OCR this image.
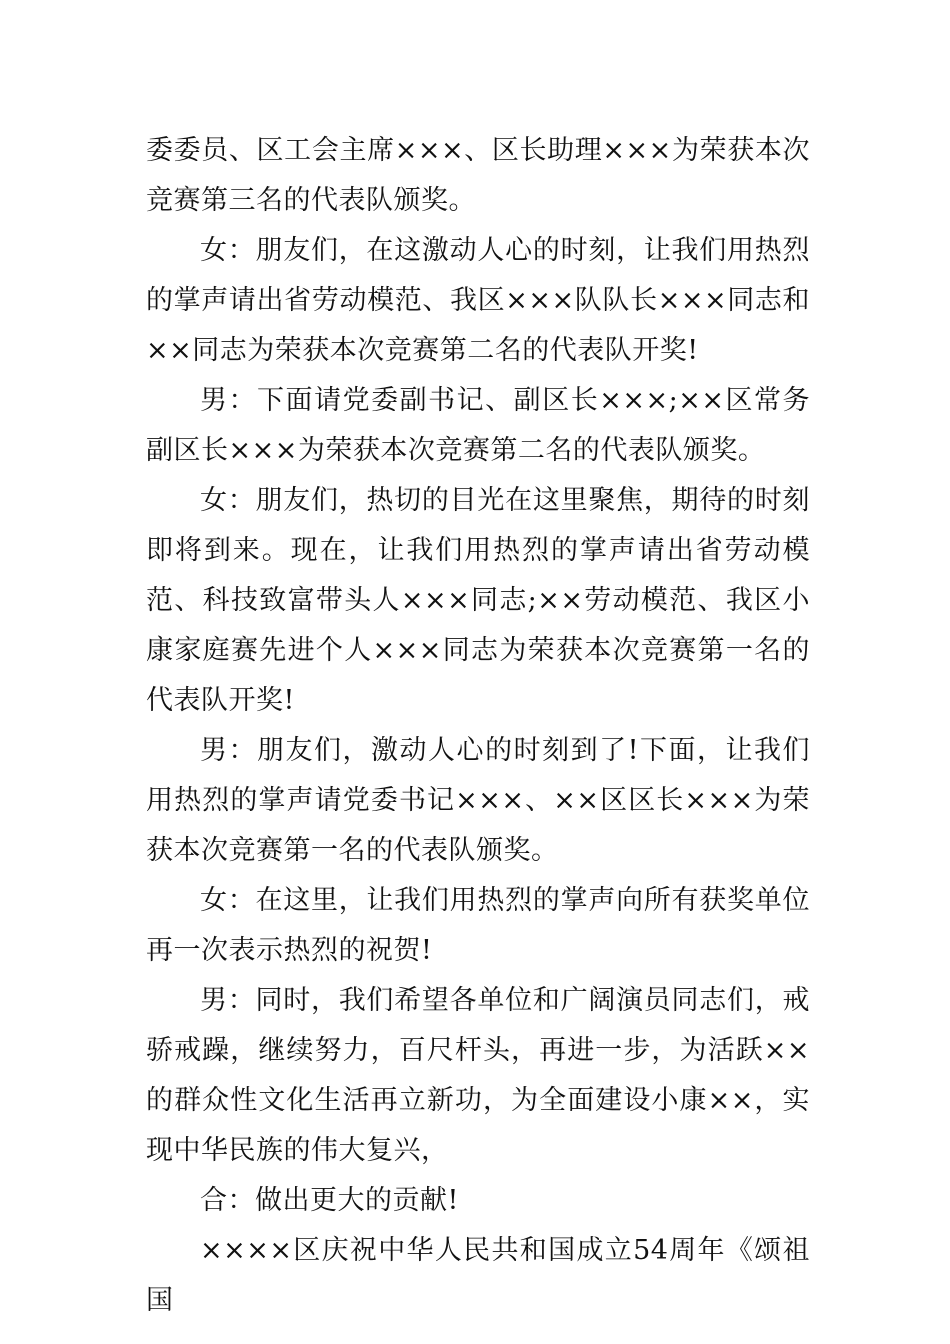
委委员、区工会主席×××、区长助理×××为荣获本次竞赛第三名的代表队颁奖。

女：朋友们，在这激动人心的时刻，让我们用热烈的掌声请出省劳动模范、我区×××队队长×××同志和××同志为荣获本次竞赛第二名的代表队开奖!

男：下面请党委副书记、副区长×××;××区常务副区长×××为荣获本次竞赛第二名的代表队颁奖。

女：朋友们，热切的目光在这里聚焦，期待的时刻即将到来。现在，让我们用热烈的掌声请出省劳动模范、科技致富带头人×××同志;××劳动模范、我区小康家庭赛先进个人×××同志为荣获本次竞赛第一名的代表队开奖!

男：朋友们，激动人心的时刻到了!下面，让我们用热烈的掌声请党委书记×××、××区区长×××为荣获本次竞赛第一名的代表队颁奖。

女：在这里，让我们用热烈的掌声向所有获奖单位再一次表示热烈的祝贺!

男：同时，我们希望各单位和广阔演员同志们，戒骄戒躁，继续努力，百尺杆头，再进一步，为活跃××的群众性文化生活再立新功，为全面建设小康××，实现中华民族的伟大复兴，

合：做出更大的贡献!

××××区庆祝中华人民共和国成立54周年《颂祖国
